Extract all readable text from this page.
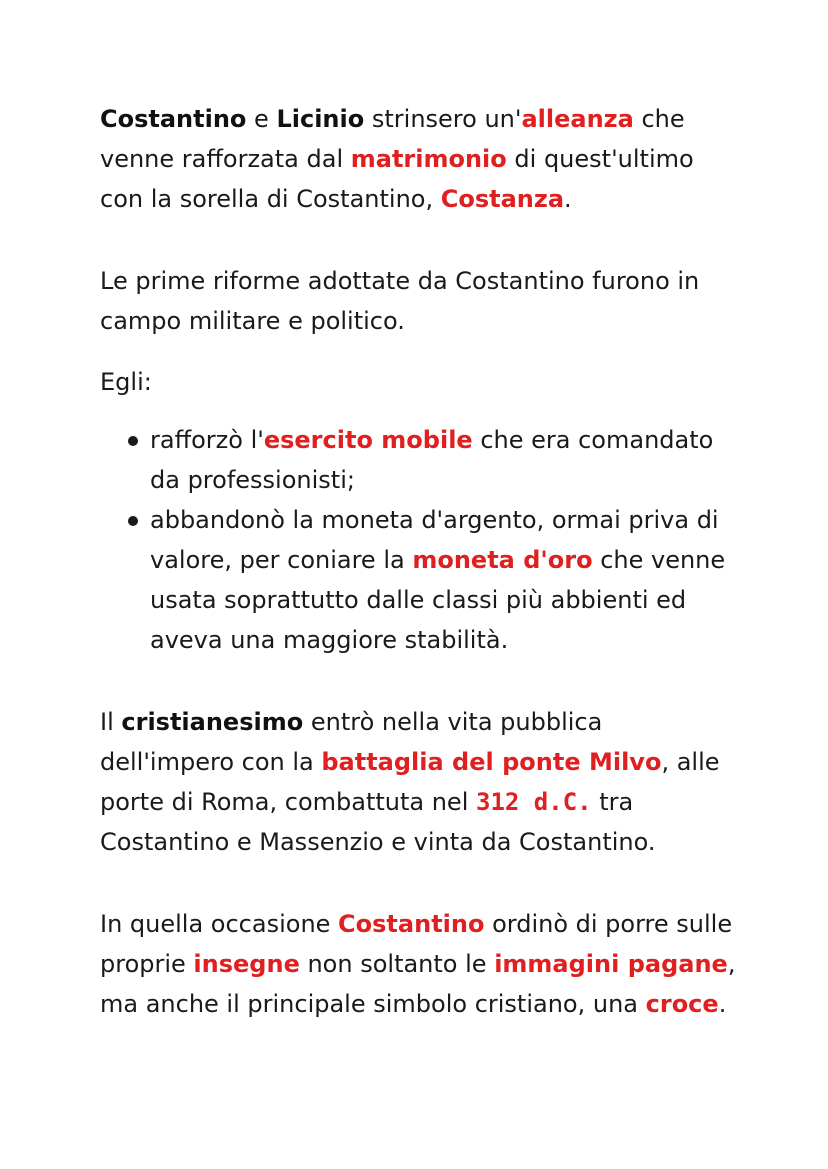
Costantino e Licinio strinsero un'alleanza che venne rafforzata dal matrimonio di quest'ultimo con la sorella di Costantino, Costanza.

Le prime riforme adottate da Costantino furono in campo militare e politico.

Egli:

rafforzò l'esercito mobile che era comandato da professionisti;
abbandonò la moneta d'argento, ormai priva di valore, per coniare la moneta d'oro che venne usata soprattutto dalle classi più abbienti ed aveva una maggiore stabilità.

Il cristianesimo entrò nella vita pubblica dell'impero con la battaglia del ponte Milvo, alle porte di Roma, combattuta nel 312 d.C. tra Costantino e Massenzio e vinta da Costantino.

In quella occasione Costantino ordinò di porre sulle proprie insegne non soltanto le immagini pagane, ma anche il principale simbolo cristiano, una croce.
